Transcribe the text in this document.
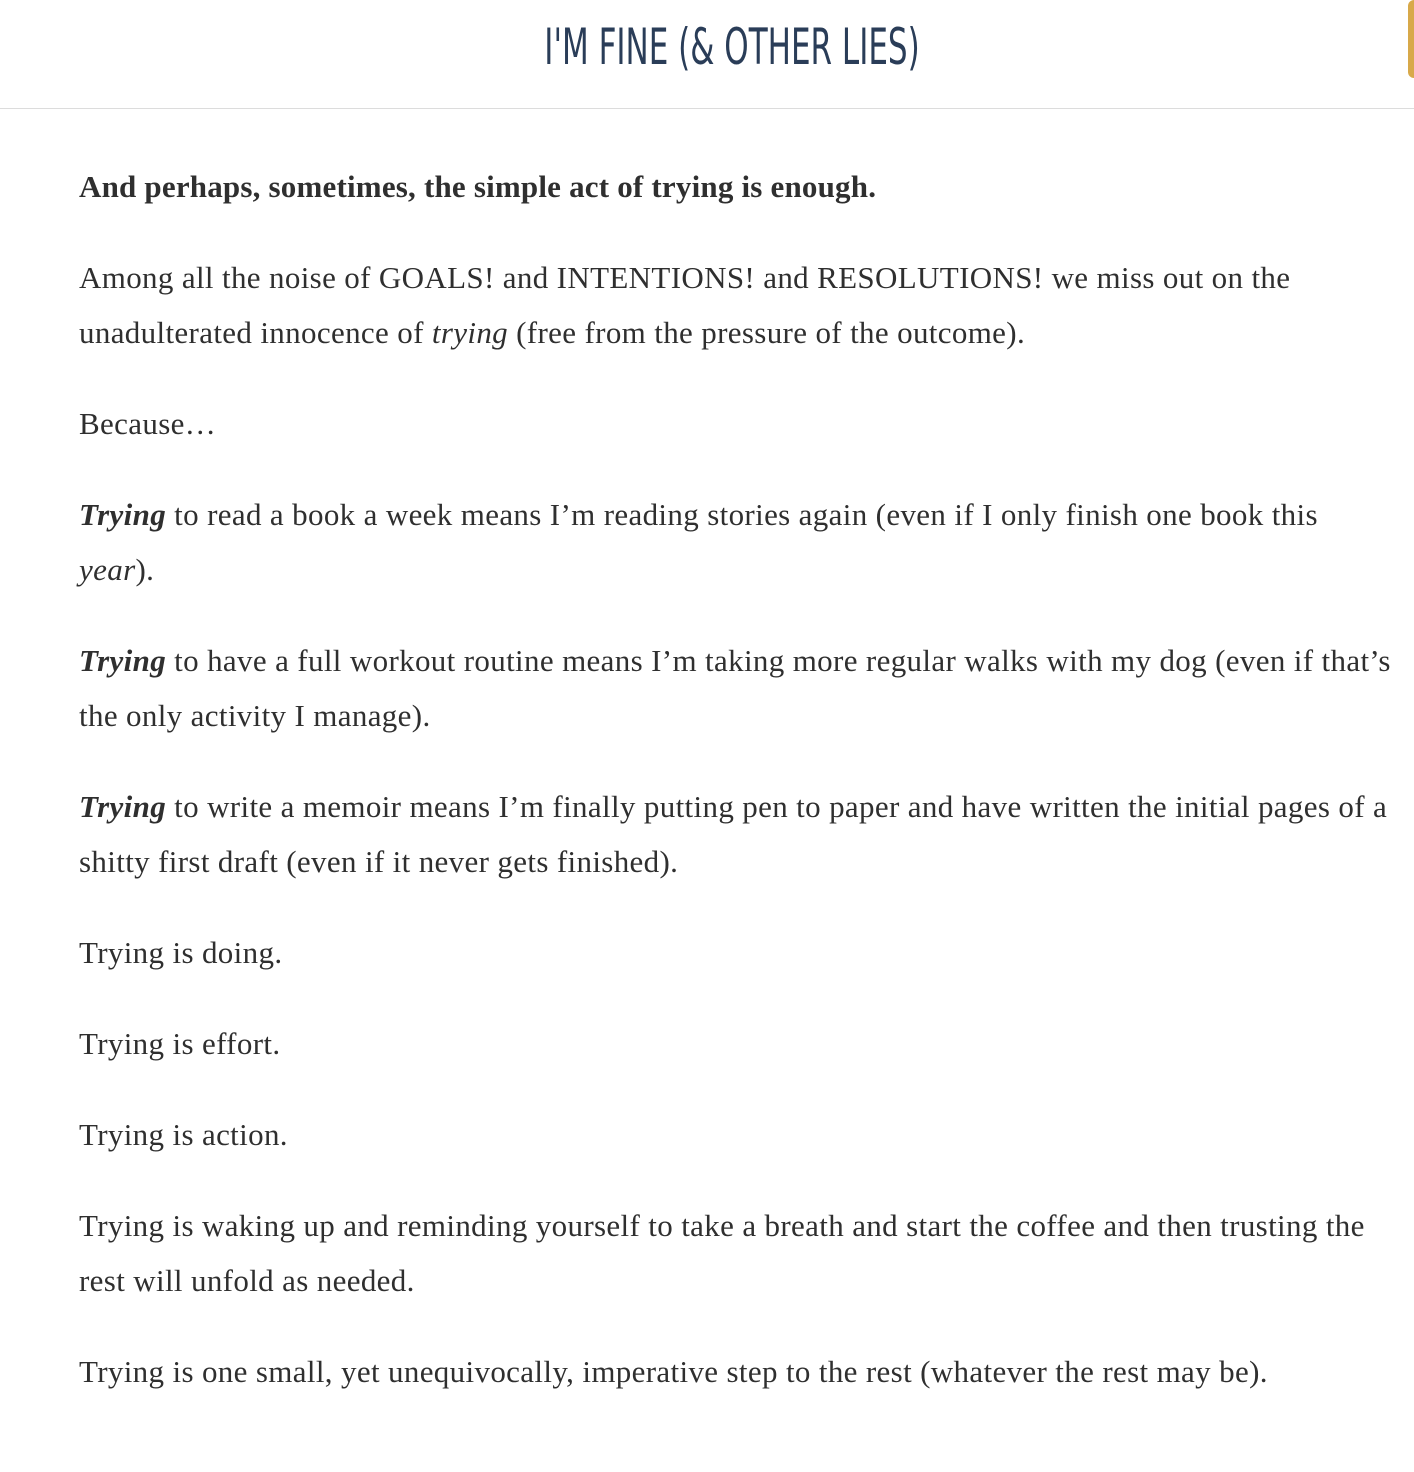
I'M FINE (& OTHER LIES)

And perhaps, sometimes, the simple act of trying is enough.

Among all the noise of GOALS! and INTENTIONS! and RESOLUTIONS! we miss out on the unadulterated innocence of trying (free from the pressure of the outcome).

Because…

Trying to read a book a week means I’m reading stories again (even if I only finish one book this year).

Trying to have a full workout routine means I’m taking more regular walks with my dog (even if that’s the only activity I manage).

Trying to write a memoir means I’m finally putting pen to paper and have written the initial pages of a shitty first draft (even if it never gets finished).

Trying is doing.

Trying is effort.

Trying is action.

Trying is waking up and reminding yourself to take a breath and start the coffee and then trusting the rest will unfold as needed.

Trying is one small, yet unequivocally, imperative step to the rest (whatever the rest may be).
